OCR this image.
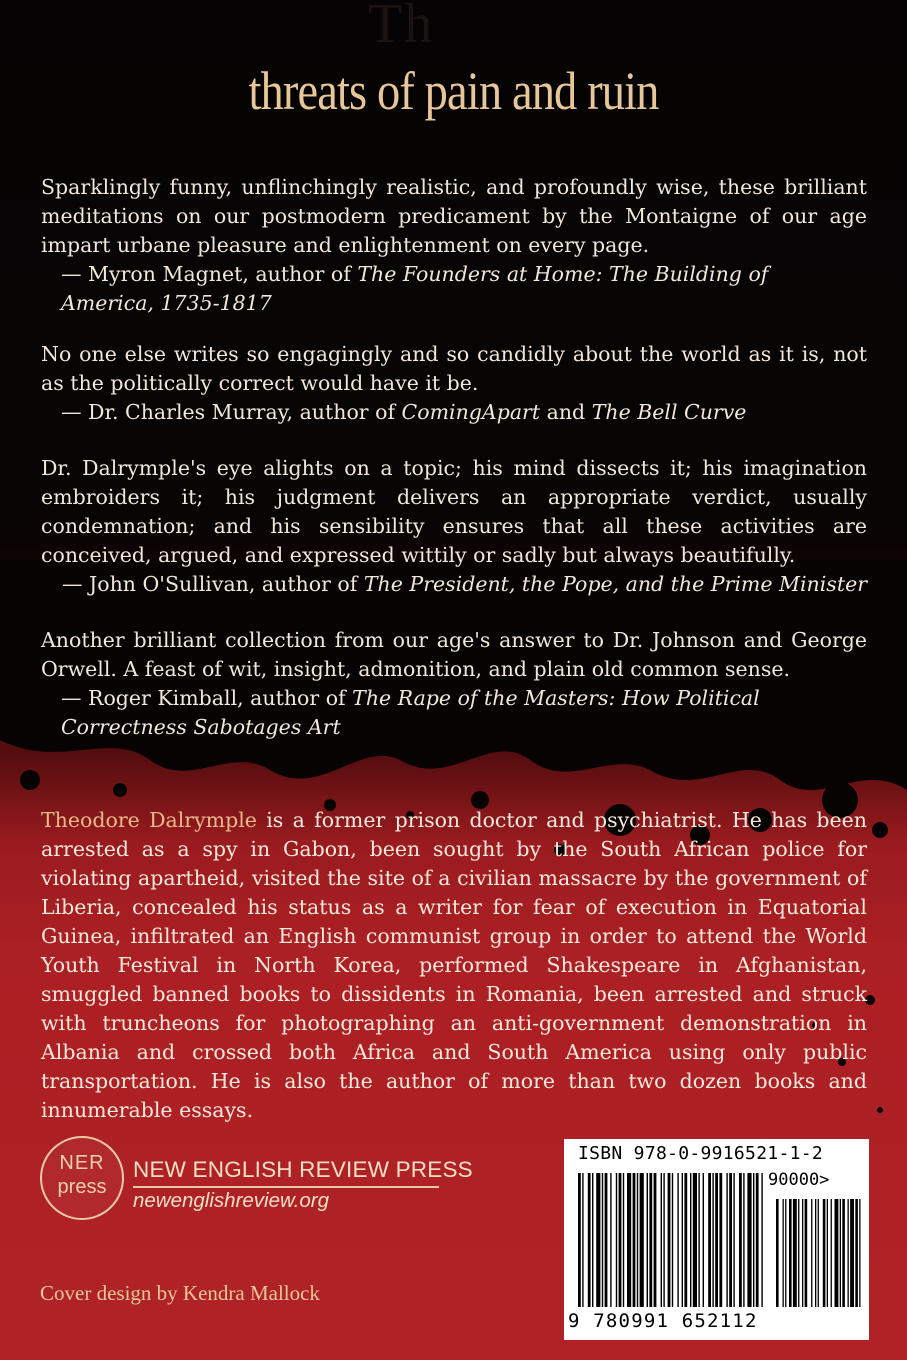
Th
threats of pain and ruin

Sparklingly funny, unflinchingly realistic, and profoundly wise, these brilliant meditations on our postmodern predicament by the Montaigne of our age impart urbane pleasure and enlightenment on every page.

— Myron Magnet, author of The Founders at Home: The Building of America, 1735-1817

No one else writes so engagingly and so candidly about the world as it is, not as the politically correct would have it be.

— Dr. Charles Murray, author of ComingApart and The Bell Curve

Dr. Dalrymple's eye alights on a topic; his mind dissects it; his imagination embroiders it; his judgment delivers an appropriate verdict, usually condemnation; and his sensibility ensures that all these activities are conceived, argued, and expressed wittily or sadly but always beautifully.

— John O'Sullivan, author of The President, the Pope, and the Prime Minister

Another brilliant collection from our age's answer to Dr. Johnson and George Orwell. A feast of wit, insight, admonition, and plain old common sense.

— Roger Kimball, author of The Rape of the Masters: How Political Correctness Sabotages Art
Theodore Dalrymple is a former prison doctor and psychiatrist. He has been arrested as a spy in Gabon, been sought by the South African police for violating apartheid, visited the site of a civilian massacre by the government of Liberia, concealed his status as a writer for fear of execution in Equatorial Guinea, infiltrated an English communist group in order to attend the World Youth Festival in North Korea, performed Shakespeare in Afghanistan, smuggled banned books to dissidents in Romania, been arrested and struck with truncheons for photographing an anti-government demonstration in Albania and crossed both Africa and South America using only public transportation. He is also the author of more than two dozen books and innumerable essays.
NER
press
NEW ENGLISH REVIEW PRESS
newenglishreview.org
Cover design by Kendra Mallock
ISBN 978-0-9916521-1-2
90000>
9 780991 652112
